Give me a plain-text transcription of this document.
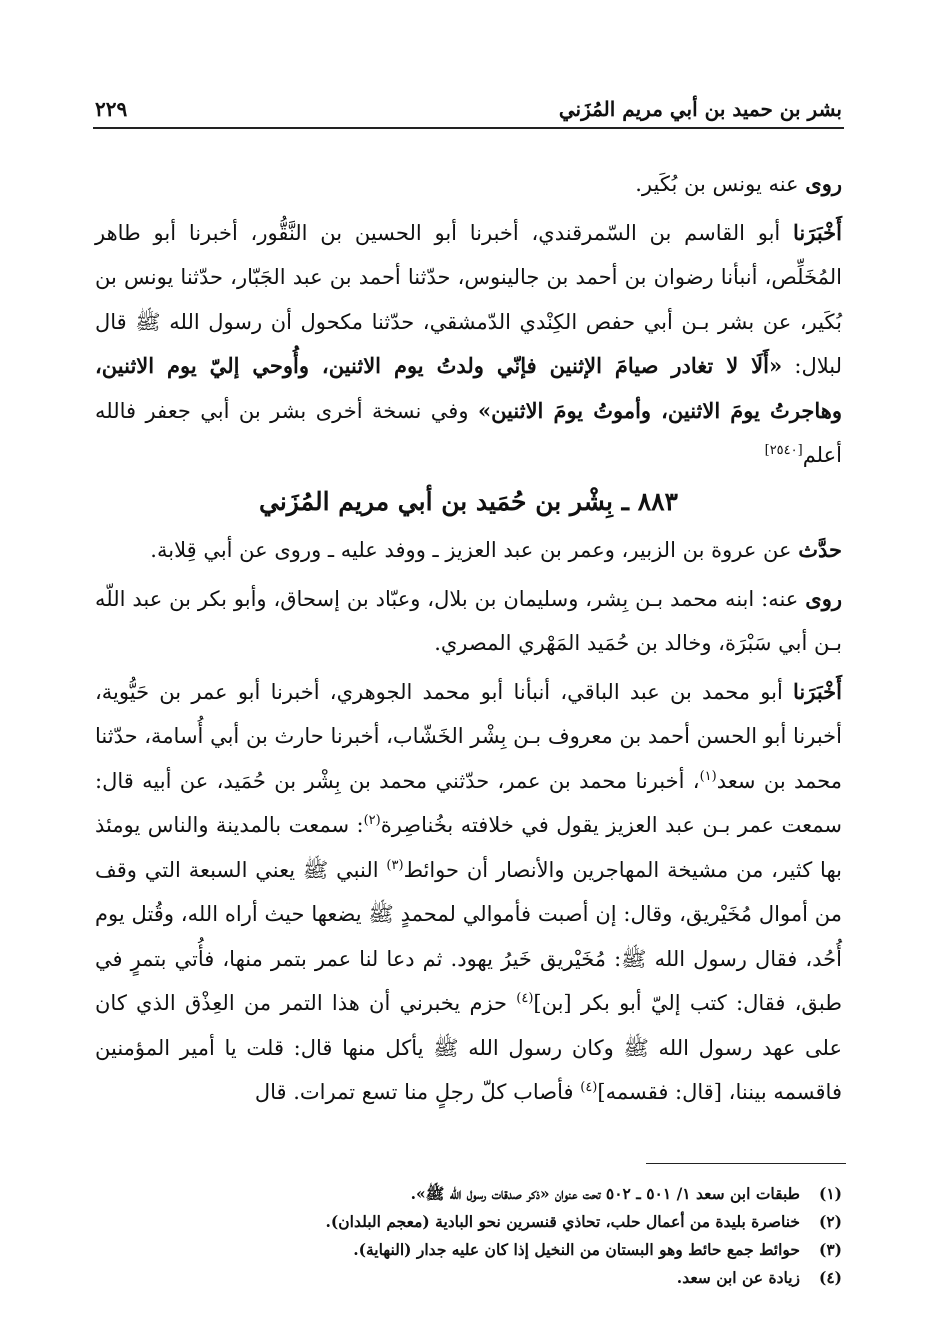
بشر بن حميد بن أبي مريم المُزَني
٢٢٩

روى عنه يونس بن بُكَير.

أَخْبَرَنا أبو القاسم بن السّمرقندي، أخبرنا أبو الحسين بن النَّقُّور، أخبرنا أبو طاهر المُخَلِّص، أنبأنا رضوان بن أحمد بن جالينوس، حدّثنا أحمد بن عبد الجَبّار، حدّثنا يونس بن بُكَير، عن بشر بـن أبي حفص الكِنْدي الدّمشقي، حدّثنا مكحول أن رسول الله ﷺ قال لبلال: «أَلَا لا تغادر صيامَ الإثنين فإنّي ولدتُ يوم الاثنين، وأُوحي إليّ يوم الاثنين، وهاجرتُ يومَ الاثنين، وأموتُ يومَ الاثنين» وفي نسخة أخرى بشر بن أبي جعفر فالله أعلم[٢٥٤٠]

٨٨٣ ـ بِشْر بن حُمَيد بن أبي مريم المُزَني

حدَّث عن عروة بن الزبير، وعمر بن عبد العزيز ـ ووفد عليه ـ وروى عن أبي قِلابة.

روى عنه: ابنه محمد بـن بِشر، وسليمان بن بلال، وعبّاد بن إسحاق، وأبو بكر بن عبد اللّه بـن أبي سَبْرَة، وخالد بن حُمَيد المَهْري المصري.

أَخْبَرَنا أبو محمد بن عبد الباقي، أنبأنا أبو محمد الجوهري، أخبرنا أبو عمر بن حَيُّوية، أخبرنا أبو الحسن أحمد بن معروف بـن بِشْر الخَشّاب، أخبرنا حارث بن أبي أُسامة، حدّثنا محمد بن سعد$^{(١)}$، أخبرنا محمد بن عمر، حدّثني محمد بن بِشْر بن حُمَيد، عن أبيه قال: سمعت عمر بـن عبد العزيز يقول في خلافته بخُناصِرة$^{(٢)}$: سمعت بالمدينة والناس يومئذ بها كثير، من مشيخة المهاجرين والأنصار أن حوائط$^{(٣)}$ النبي ﷺ يعني السبعة التي وقف من أموال مُخَيْريق، وقال: إن أصبت فأموالي لمحمدٍ ﷺ يضعها حيث أراه الله، وقُتل يوم أُحُد، فقال رسول الله ﷺ: مُخَيْريق خَيرُ يهود. ثم دعا لنا عمر بتمر منها، فأُتي بتمرٍ في طبق، فقال: كتب إليّ أبو بكر [بن]$^{(٤)}$ حزم يخبرني أن هذا التمر من العِذْق الذي كان على عهد رسول الله ﷺ وكان رسول الله ﷺ يأكل منها قال: قلت يا أمير المؤمنين فاقسمه بيننا، [قال: فقسمه]$^{(٤)}$ فأصاب كلّ رجلٍ منا تسع تمرات. قال

(١)
طبقات ابن سعد ١/ ٥٠١ ـ ٥٠٢ تحت عنوان «ذكر صدقات رسول الله ﷺ».
(٢)
خناصرة بليدة من أعمال حلب، تحاذي قنسرين نحو البادية (معجم البلدان).
(٣)
حوائط جمع حائط وهو البستان من النخيل إذا كان عليه جدار (النهاية).
(٤)
زيادة عن ابن سعد.
